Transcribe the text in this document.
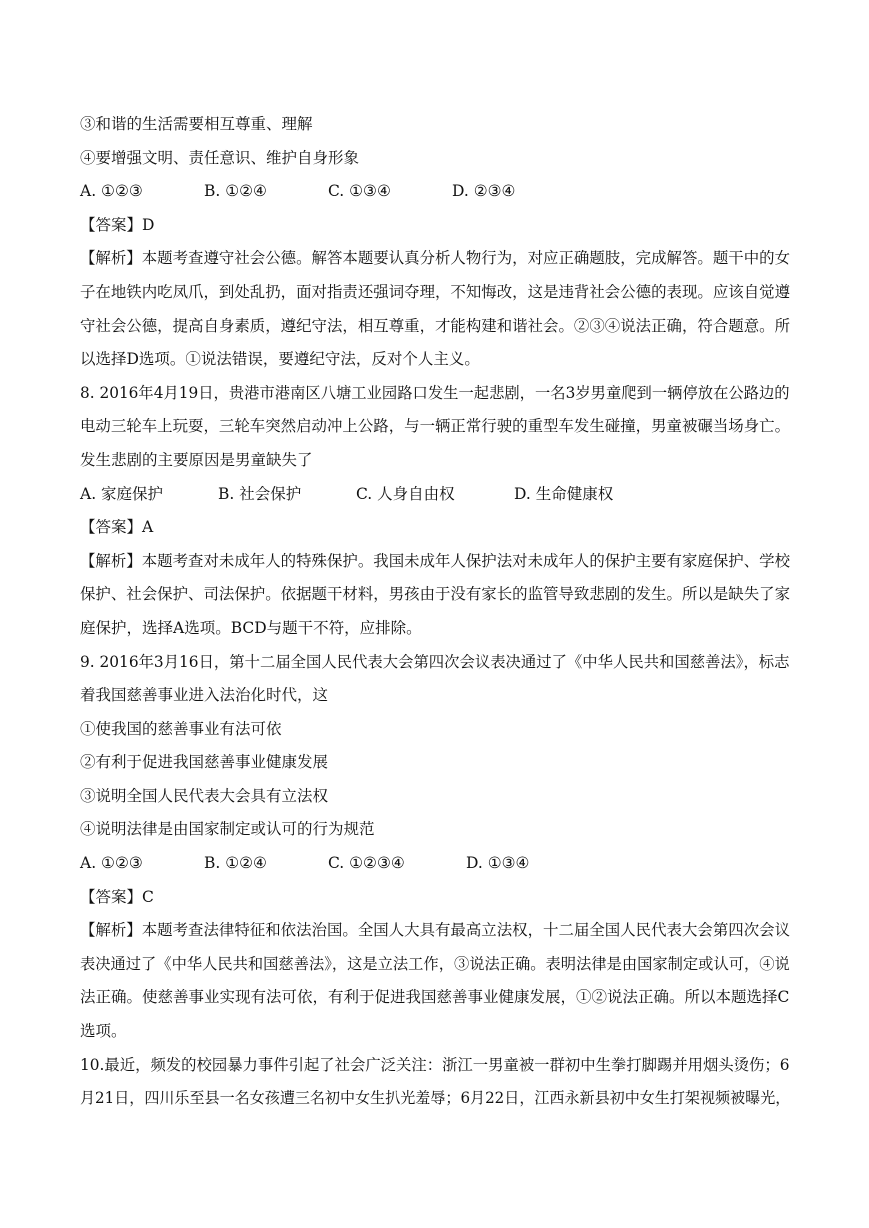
③和谐的生活需要相互尊重、理解
④要增强文明、责任意识、维护自身形象
A. ①②③	B. ①②④	C. ①③④	D. ②③④
【答案】D
【解析】本题考查遵守社会公德。解答本题要认真分析人物行为，对应正确题肢，完成解答。题干中的女
子在地铁内吃凤爪，到处乱扔，面对指责还强词夺理，不知悔改，这是违背社会公德的表现。应该自觉遵
守社会公德，提高自身素质，遵纪守法，相互尊重，才能构建和谐社会。②③④说法正确，符合题意。所
以选择D选项。①说法错误，要遵纪守法，反对个人主义。
8. 2016年4月19日，贵港市港南区八塘工业园路口发生一起悲剧，一名3岁男童爬到一辆停放在公路边的
电动三轮车上玩耍，三轮车突然启动冲上公路，与一辆正常行驶的重型车发生碰撞，男童被碾当场身亡。
发生悲剧的主要原因是男童缺失了
A. 家庭保护	B. 社会保护	C. 人身自由权	D. 生命健康权
【答案】A
【解析】本题考查对未成年人的特殊保护。我国未成年人保护法对未成年人的保护主要有家庭保护、学校
保护、社会保护、司法保护。依据题干材料，男孩由于没有家长的监管导致悲剧的发生。所以是缺失了家
庭保护，选择A选项。BCD与题干不符，应排除。
9. 2016年3月16日，第十二届全国人民代表大会第四次会议表决通过了《中华人民共和国慈善法》，标志
着我国慈善事业进入法治化时代，这
①使我国的慈善事业有法可依
②有利于促进我国慈善事业健康发展
③说明全国人民代表大会具有立法权
④说明法律是由国家制定或认可的行为规范
A. ①②③	B. ①②④	C. ①②③④	D. ①③④
【答案】C
【解析】本题考查法律特征和依法治国。全国人大具有最高立法权，十二届全国人民代表大会第四次会议
表决通过了《中华人民共和国慈善法》，这是立法工作，③说法正确。表明法律是由国家制定或认可，④说
法正确。使慈善事业实现有法可依，有利于促进我国慈善事业健康发展，①②说法正确。所以本题选择C
选项。
10.最近，频发的校园暴力事件引起了社会广泛关注：浙江一男童被一群初中生拳打脚踢并用烟头烫伤；6
月21日，四川乐至县一名女孩遭三名初中女生扒光羞辱；6月22日，江西永新县初中女生打架视频被曝光，
